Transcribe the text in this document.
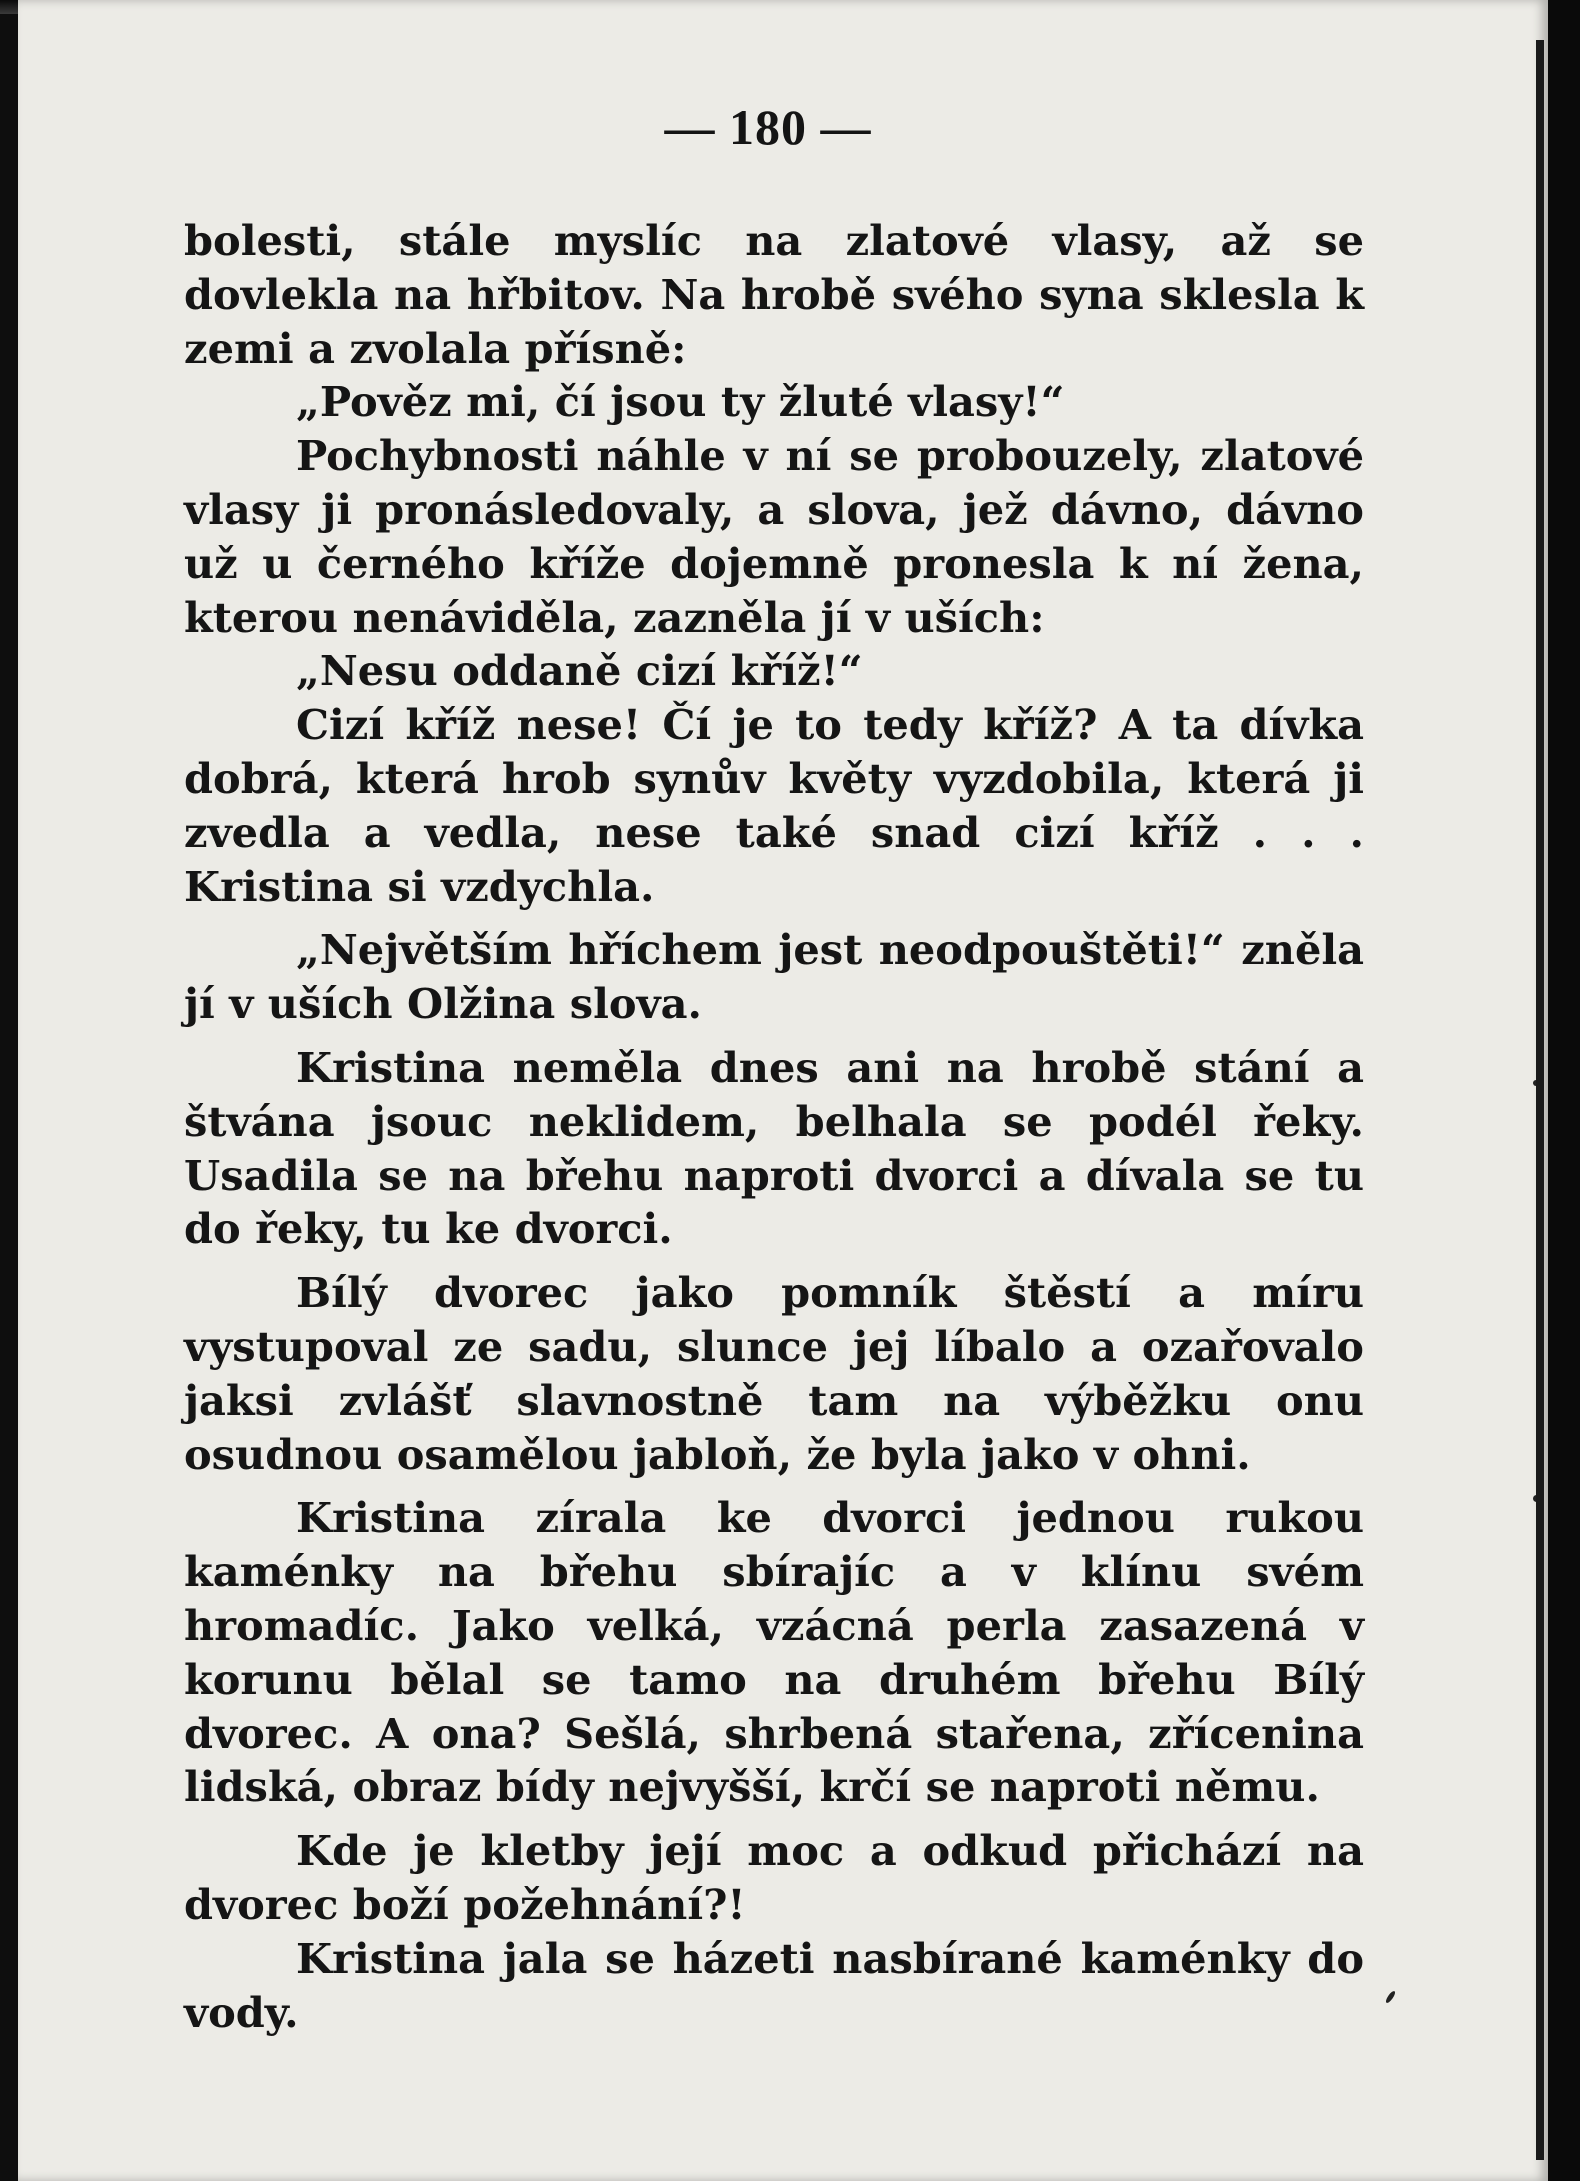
— 180 —

bolesti, stále myslíc na zlatové vlasy, až se dovlekla na hřbitov. Na hrobě svého syna sklesla k zemi a zvolala přísně:

„Pověz mi, čí jsou ty žluté vlasy!“

Pochybnosti náhle v ní se probouzely, zlatové vlasy ji pronásledovaly, a slova, jež dávno, dávno už u černého kříže dojemně pronesla k ní žena, kterou nenáviděla, zazněla jí v uších:

„Nesu oddaně cizí kříž!“

Cizí kříž nese! Čí je to tedy kříž? A ta dívka dobrá, která hrob synův květy vyzdobila, která ji zvedla a vedla, nese také snad cizí kříž . . . Kristina si vzdychla.

„Největším hříchem jest neodpouštěti!“ zněla jí v uších Olžina slova.

Kristina neměla dnes ani na hrobě stání a štvána jsouc neklidem, belhala se podél řeky. Usadila se na břehu naproti dvorci a dívala se tu do řeky, tu ke dvorci.

Bílý dvorec jako pomník štěstí a míru vystupoval ze sadu, slunce jej líbalo a ozařovalo jaksi zvlášť slavnostně tam na výběžku onu osudnou osamělou jabloň, že byla jako v ohni.

Kristina zírala ke dvorci jednou rukou kaménky na břehu sbírajíc a v klínu svém hromadíc. Jako velká, vzácná perla zasazená v korunu bělal se tamo na druhém břehu Bílý dvorec. A ona? Sešlá, shrbená stařena, zřícenina lidská, obraz bídy nejvyšší, krčí se naproti němu.

Kde je kletby její moc a odkud přichází na dvorec boží požehnání?!

Kristina jala se házeti nasbírané kaménky do vody.
